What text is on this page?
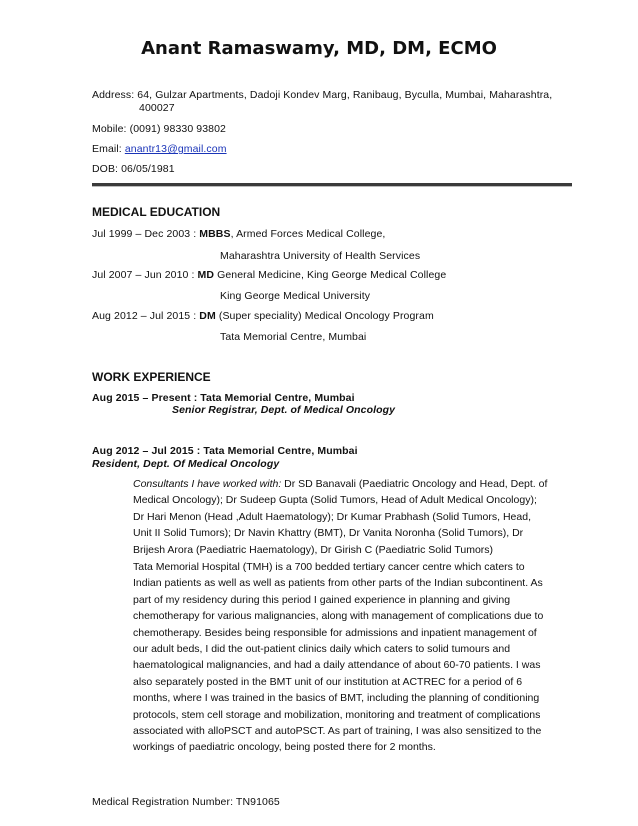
Anant Ramaswamy, MD, DM, ECMO
Address: 64, Gulzar Apartments, Dadoji Kondev Marg, Ranibaug, Byculla, Mumbai, Maharashtra,
400027
Mobile: (0091) 98330 93802
Email: anantr13@gmail.com
DOB: 06/05/1981
MEDICAL EDUCATION
Jul 1999 – Dec 2003 : MBBS, Armed Forces Medical College,
Maharashtra University of Health Services
Jul 2007 – Jun 2010 : MD General Medicine, King George Medical College
King George Medical University
Aug 2012 – Jul 2015 : DM (Super speciality) Medical Oncology Program
Tata Memorial Centre, Mumbai
WORK EXPERIENCE
Aug 2015 – Present : Tata Memorial Centre, Mumbai
Senior Registrar, Dept. of Medical Oncology
Aug 2012 – Jul 2015 : Tata Memorial Centre, Mumbai
Resident, Dept. Of Medical Oncology
Consultants I have worked with: Dr SD Banavali (Paediatric Oncology and Head, Dept. of
Medical Oncology); Dr Sudeep Gupta (Solid Tumors, Head of Adult Medical Oncology);
Dr Hari Menon (Head ,Adult Haematology); Dr Kumar Prabhash (Solid Tumors, Head,
Unit II Solid Tumors); Dr Navin Khattry (BMT), Dr Vanita Noronha (Solid Tumors), Dr
Brijesh Arora (Paediatric Haematology), Dr Girish C (Paediatric Solid Tumors)
Tata Memorial Hospital (TMH) is a 700 bedded tertiary cancer centre which caters to
Indian patients as well as well as patients from other parts of the Indian subcontinent. As
part of my residency during this period I gained experience in planning and giving
chemotherapy for various malignancies, along with management of complications due to
chemotherapy. Besides being responsible for admissions and inpatient management of
our adult beds, I did the out-patient clinics daily which caters to solid tumours and
haematological malignancies, and had a daily attendance of about 60-70 patients. I was
also separately posted in the BMT unit of our institution at ACTREC for a period of 6
months, where I was trained in the basics of BMT, including the planning of conditioning
protocols, stem cell storage and mobilization, monitoring and treatment of complications
associated with alloPSCT and autoPSCT. As part of training, I was also sensitized to the
workings of paediatric oncology, being posted there for 2 months.
Medical Registration Number: TN91065
